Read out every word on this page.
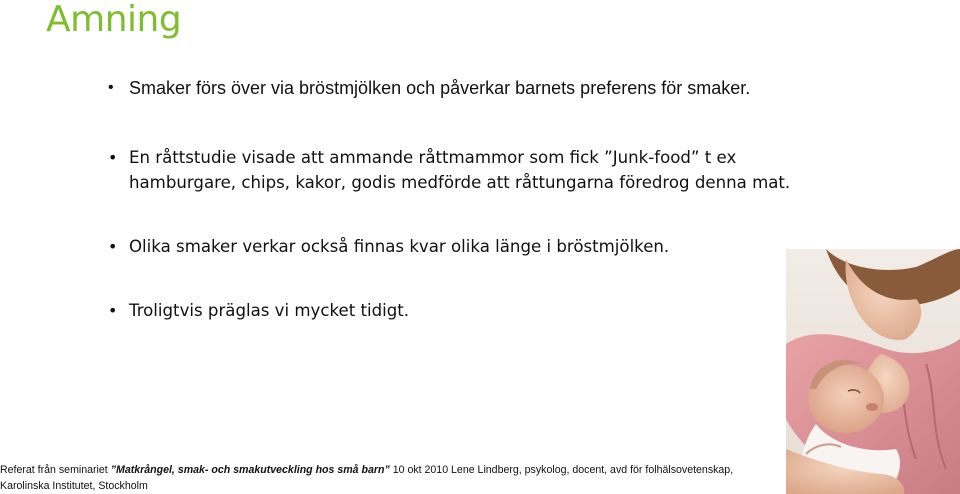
Amning
• Smaker förs över via bröstmjölken och påverkar barnets preferens för smaker.
• En råttstudie visade att ammande råttmammor som fick ”Junk-food” t ex hamburgare, chips, kakor, godis medförde att råttungarna föredrog denna mat.
• Olika smaker verkar också finnas kvar olika länge i bröstmjölken.
• Troligtvis präglas vi mycket tidigt.
Referat från seminariet ”Matkrångel, smak- och smakutveckling hos små barn” 10 okt 2010 Lene Lindberg, psykolog, docent, avd för folhälsovetenskap, Karolinska Institutet, Stockholm
